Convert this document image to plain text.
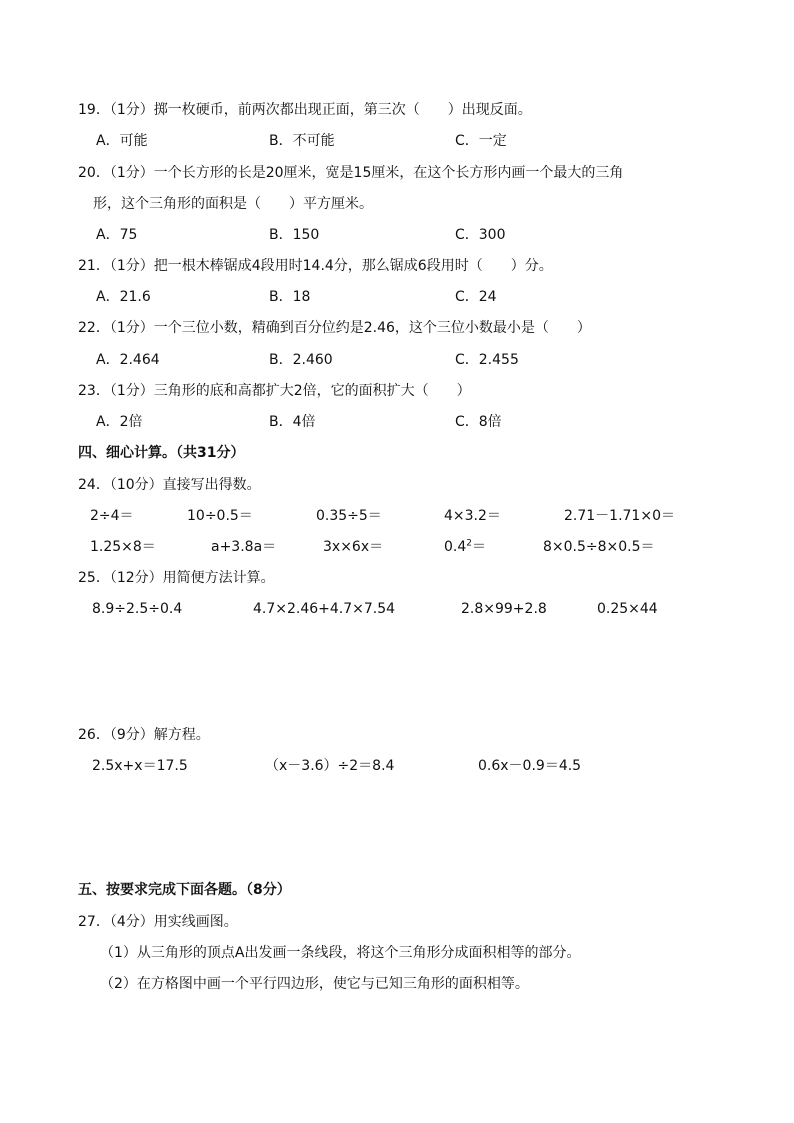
19．（1分）掷一枚硬币，前两次都出现正面，第三次（　　）出现反面。
A．可能	B．不可能	C．一定
20．（1分）一个长方形的长是20厘米，宽是15厘米，在这个长方形内画一个最大的三角
形，这个三角形的面积是（　　）平方厘米。
A．75	B．150	C．300
21．（1分）把一根木棒锯成4段用时14.4分，那么锯成6段用时（　　）分。
A．21.6	B．18	C．24
22．（1分）一个三位小数，精确到百分位约是2.46，这个三位小数最小是（　　）
A．2.464	B．2.460	C．2.455
23．（1分）三角形的底和高都扩大2倍，它的面积扩大（　　）
A．2倍	B．4倍	C．8倍
四、细心计算。（共31分）
24．（10分）直接写出得数。
2÷4＝	10÷0.5＝	0.35÷5＝	4×3.2＝	2.71－1.71×0＝
1.25×8＝	a+3.8a＝	3x×6x＝	$0.4^2=$	8×0.5÷8×0.5＝
25．（12分）用简便方法计算。
8.9÷2.5÷0.4	4.7×2.46+4.7×7.54	2.8×99+2.8	0.25×44
26．（9分）解方程。
2.5x+x＝17.5	（x－3.6）÷2＝8.4	0.6x－0.9＝4.5
五、按要求完成下面各题。（8分）
27．（4分）用实线画图。
（1）从三角形的顶点A出发画一条线段，将这个三角形分成面积相等的部分。
（2）在方格图中画一个平行四边形，使它与已知三角形的面积相等。
